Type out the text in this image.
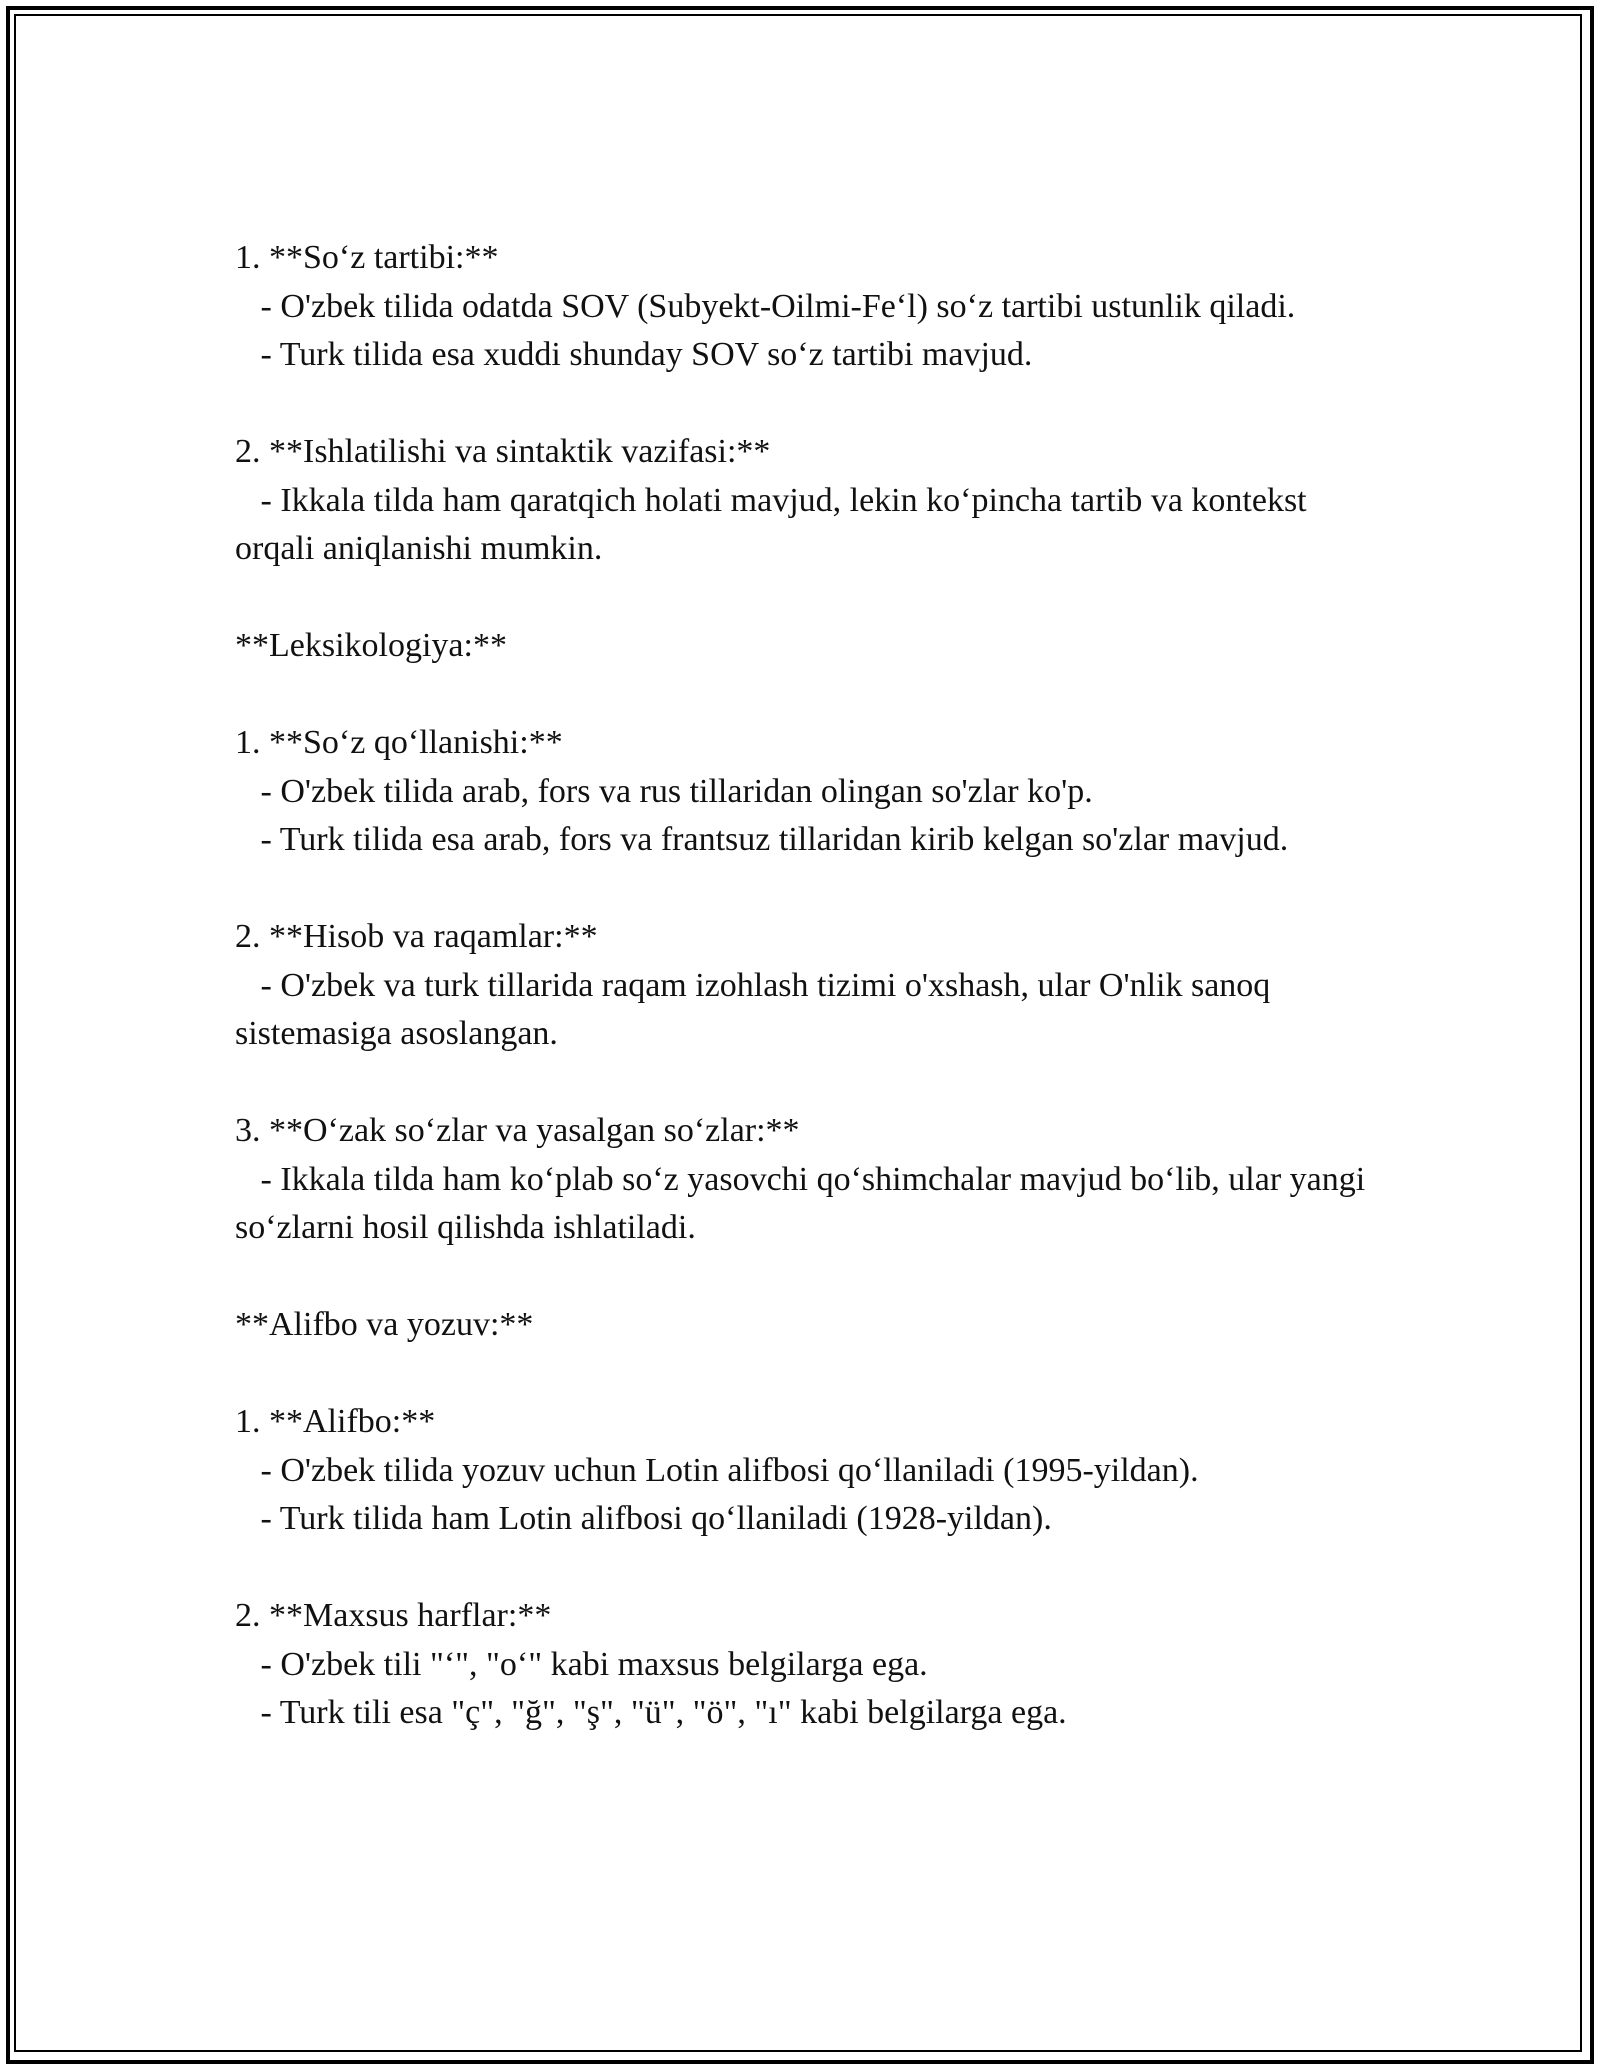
1. **So‘z tartibi:**

- O'zbek tilida odatda SOV (Subyekt-Oilmi-Fe‘l) so‘z tartibi ustunlik qiladi.

- Turk tilida esa xuddi shunday SOV so‘z tartibi mavjud.

2. **Ishlatilishi va sintaktik vazifasi:**

- Ikkala tilda ham qaratqich holati mavjud, lekin ko‘pincha tartib va kontekst orqali aniqlanishi mumkin.

**Leksikologiya:**

1. **So‘z qo‘llanishi:**

- O'zbek tilida arab, fors va rus tillaridan olingan so'zlar ko'p.

- Turk tilida esa arab, fors va frantsuz tillaridan kirib kelgan so'zlar mavjud.

2. **Hisob va raqamlar:**

- O'zbek va turk tillarida raqam izohlash tizimi o'xshash, ular O'nlik sanoq sistemasiga asoslangan.

3. **O‘zak so‘zlar va yasalgan so‘zlar:**

- Ikkala tilda ham ko‘plab so‘z yasovchi qo‘shimchalar mavjud bo‘lib, ular yangi so‘zlarni hosil qilishda ishlatiladi.

**Alifbo va yozuv:**

1. **Alifbo:**

- O'zbek tilida yozuv uchun Lotin alifbosi qo‘llaniladi (1995-yildan).

- Turk tilida ham Lotin alifbosi qo‘llaniladi (1928-yildan).

2. **Maxsus harflar:**

- O'zbek tili "‘", "o‘" kabi maxsus belgilarga ega.

- Turk tili esa "ç", "ğ", "ş", "ü", "ö", "ı" kabi belgilarga ega.
